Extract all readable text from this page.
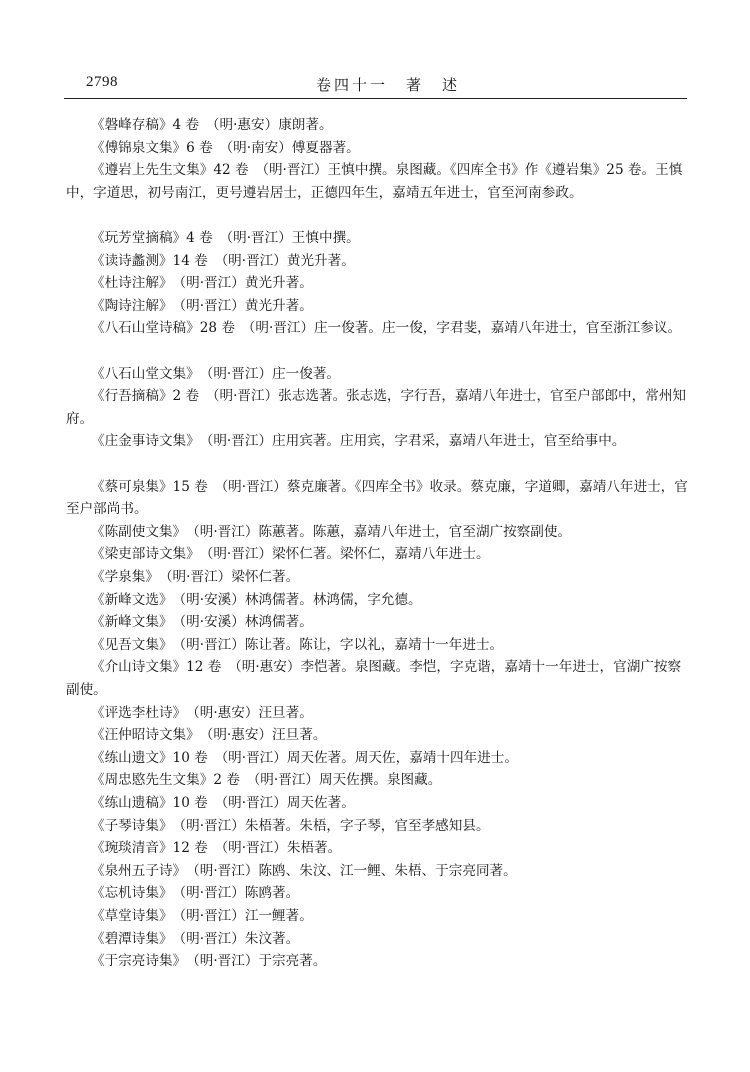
2798	卷四十一　著　述
《磐峰存稿》4 卷　（明·惠安）康朗著。
《傅锦泉文集》6 卷　（明·南安）傅夏器著。
《遵岩上先生文集》42 卷　（明·晋江）王慎中撰。泉图藏。《四库全书》作《遵岩集》25 卷。王慎中，字道思，初号南江，更号遵岩居士，正德四年生，嘉靖五年进士，官至河南参政。
《玩芳堂摘稿》4 卷　（明·晋江）王慎中撰。
《读诗蠡测》14 卷　（明·晋江）黄光升著。
《杜诗注解》　（明·晋江）黄光升著。
《陶诗注解》　（明·晋江）黄光升著。
《八石山堂诗稿》28 卷　（明·晋江）庄一俊著。庄一俊，字君斐，嘉靖八年进士，官至浙江参议。
《八石山堂文集》　（明·晋江）庄一俊著。
《行吾摘稿》2 卷　（明·晋江）张志选著。张志选，字行吾，嘉靖八年进士，官至户部郎中，常州知府。
《庄金事诗文集》　（明·晋江）庄用宾著。庄用宾，字君采，嘉靖八年进士，官至给事中。
《蔡可泉集》15 卷　（明·晋江）蔡克廉著。《四库全书》收录。蔡克廉，字道卿，嘉靖八年进士，官至户部尚书。
《陈副使文集》　（明·晋江）陈蕙著。陈蕙，嘉靖八年进士，官至湖广按察副使。
《梁吏部诗文集》　（明·晋江）梁怀仁著。梁怀仁，嘉靖八年进士。
《学泉集》　（明·晋江）梁怀仁著。
《新峰文选》　（明·安溪）林鸿儒著。林鸿儒，字允德。
《新峰文集》　（明·安溪）林鸿儒著。
《见吾文集》　（明·晋江）陈让著。陈让，字以礼，嘉靖十一年进士。
《介山诗文集》12 卷　（明·惠安）李恺著。泉图藏。李恺，字克谐，嘉靖十一年进士，官湖广按察副使。
《评选李杜诗》　（明·惠安）汪旦著。
《汪仲昭诗文集》　（明·惠安）汪旦著。
《练山遗文》10 卷　（明·晋江）周天佐著。周天佐，嘉靖十四年进士。
《周忠愍先生文集》2 卷　（明·晋江）周天佐撰。泉图藏。
《练山遗稿》10 卷　（明·晋江）周天佐著。
《子琴诗集》　（明·晋江）朱梧著。朱梧，字子琴，官至孝感知县。
《琬琰清音》12 卷　（明·晋江）朱梧著。
《泉州五子诗》　（明·晋江）陈鸥、朱汶、江一鲤、朱梧、于宗亮同著。
《忘机诗集》　（明·晋江）陈鸥著。
《草堂诗集》　（明·晋江）江一鲤著。
《碧潭诗集》　（明·晋江）朱汶著。
《于宗亮诗集》　（明·晋江）于宗亮著。
